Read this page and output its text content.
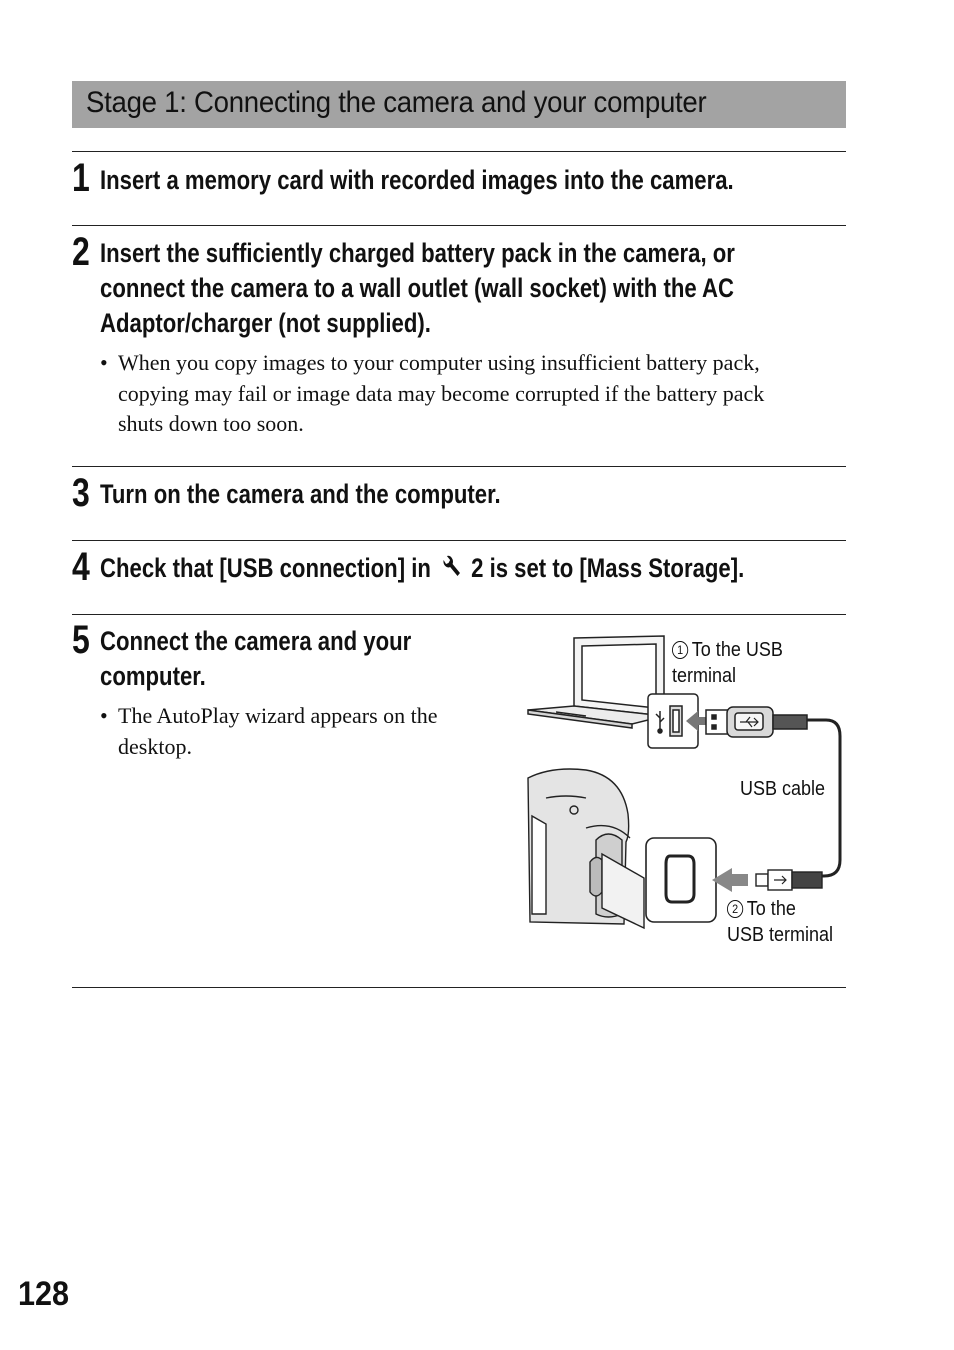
Stage 1: Connecting the camera and your computer
1 Insert a memory card with recorded images into the camera.
2 Insert the sufficiently charged battery pack in the camera, or
connect the camera to a wall outlet (wall socket) with the AC
Adaptor/charger (not supplied).
• When you copy images to your computer using insufficient battery pack,
copying may fail or image data may become corrupted if the battery pack
shuts down too soon.
3 Turn on the camera and the computer.
4 Check that [USB connection] in 2 is set to [Mass Storage].
5 Connect the camera and your
computer.
• The AutoPlay wizard appears on the
desktop.
1 To the USB
terminal
USB cable
2 To the
USB terminal
128
